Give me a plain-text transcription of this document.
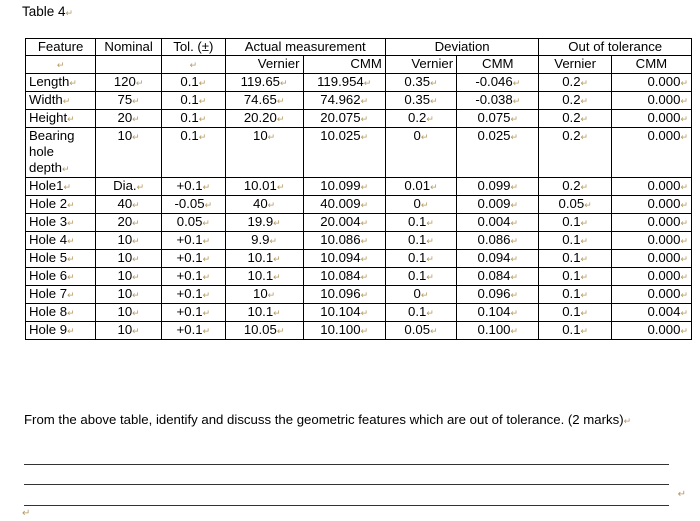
Table 4↵
Feature	Nominal	Tol. (±)	Actual measurement		Deviation		Out of tolerance	
↵		↵	Vernier	CMM	Vernier	CMM	Vernier	CMM
Length↵	120↵	0.1↵	119.65↵	119.954↵	0.35↵	-0.046↵	0.2↵	0.000↵
Width↵	75↵	0.1↵	74.65↵	74.962↵	0.35↵	-0.038↵	0.2↵	0.000↵
Height↵	20↵	0.1↵	20.20↵	20.075↵	0.2↵	0.075↵	0.2↵	0.000↵
Bearing hole depth↵	10↵	0.1↵	10↵	10.025↵	0↵	0.025↵	0.2↵	0.000↵
Hole1↵	Dia.↵	+0.1↵	10.01↵	10.099↵	0.01↵	0.099↵	0.2↵	0.000↵
Hole 2↵	40↵	-0.05↵	40↵	40.009↵	0↵	0.009↵	0.05↵	0.000↵
Hole 3↵	20↵	0.05↵	19.9↵	20.004↵	0.1↵	0.004↵	0.1↵	0.000↵
Hole 4↵	10↵	+0.1↵	9.9↵	10.086↵	0.1↵	0.086↵	0.1↵	0.000↵
Hole 5↵	10↵	+0.1↵	10.1↵	10.094↵	0.1↵	0.094↵	0.1↵	0.000↵
Hole 6↵	10↵	+0.1↵	10.1↵	10.084↵	0.1↵	0.084↵	0.1↵	0.000↵
Hole 7↵	10↵	+0.1↵	10↵	10.096↵	0↵	0.096↵	0.1↵	0.000↵
Hole 8↵	10↵	+0.1↵	10.1↵	10.104↵	0.1↵	0.104↵	0.1↵	0.004↵
Hole 9↵	10↵	+0.1↵	10.05↵	10.100↵	0.05↵	0.100↵	0.1↵	0.000↵
From the above table, identify and discuss the geometric features which are out of tolerance. (2 marks)↵
↵
↵
